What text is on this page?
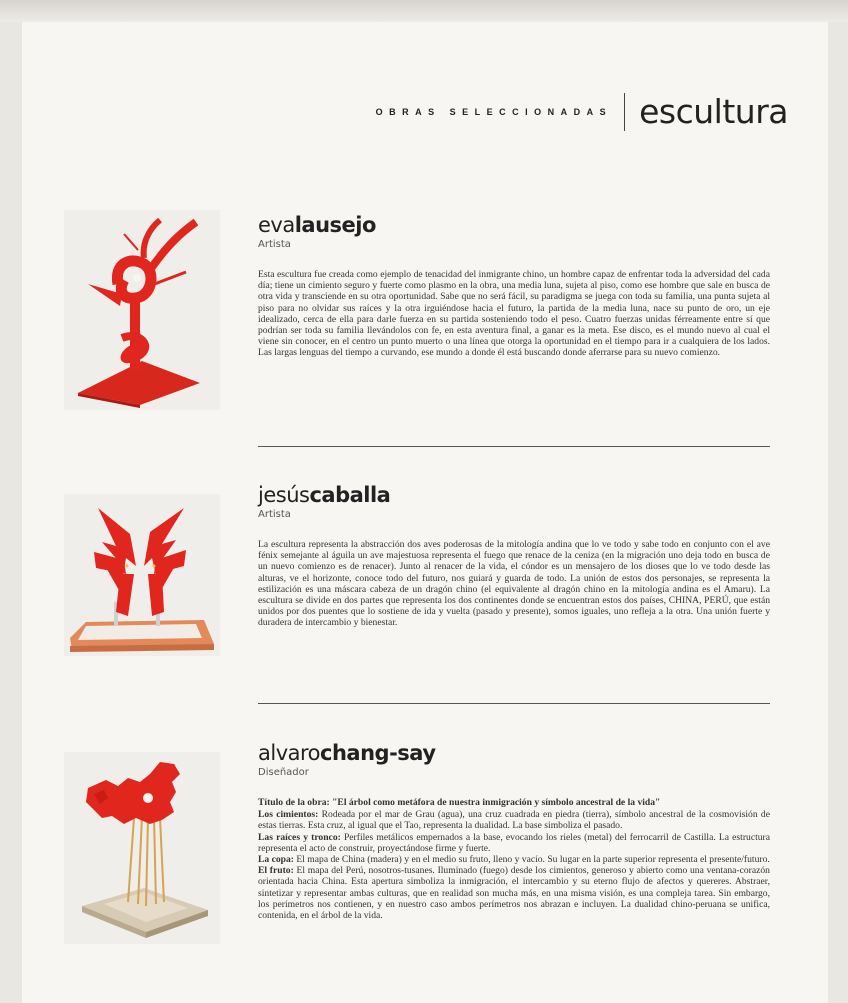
OBRAS SELECCIONADAS escultura
evalausejo
Artista

Esta escultura fue creada como ejemplo de tenacidad del inmigrante chino, un hombre capaz de enfrentar toda la adversidad del cada día; tiene un cimiento seguro y fuerte como plasmo en la obra, una media luna, sujeta al piso, como ese hombre que sale en busca de otra vida y transciende en su otra oportunidad. Sabe que no será fácil, su paradigma se juega con toda su familia, una punta sujeta al piso para no olvidar sus raíces y la otra irguiéndose hacia el futuro, la partida de la media luna, nace su punto de oro, un eje idealizado, cerca de ella para darle fuerza en su partida sosteniendo todo el peso. Cuatro fuerzas unidas férreamente entre sí que podrían ser toda su familia llevándolos con fe, en esta aventura final, a ganar es la meta. Ese disco, es el mundo nuevo al cual el viene sin conocer, en el centro un punto muerto o una línea que otorga la oportunidad en el tiempo para ir a cualquiera de los lados. Las largas lenguas del tiempo a curvando, ese mundo a donde él está buscando donde aferrarse para su nuevo comienzo.

jesúscaballa
Artista

La escultura representa la abstracción dos aves poderosas de la mitología andina que lo ve todo y sabe todo en conjunto con el ave fénix semejante al águila un ave majestuosa representa el fuego que renace de la ceniza (en la migración uno deja todo en busca de un nuevo comienzo es de renacer). Junto al renacer de la vida, el cóndor es un mensajero de los dioses que lo ve todo desde las alturas, ve el horizonte, conoce todo del futuro, nos guiará y guarda de todo. La unión de estos dos personajes, se representa la estilización es una máscara cabeza de un dragón chino (el equivalente al dragón chino en la mitología andina es el Amaru). La escultura se divide en dos partes que representa los dos continentes donde se encuentran estos dos países, CHINA, PERÚ, que están unidos por dos puentes que lo sostiene de ida y vuelta (pasado y presente), somos iguales, uno refleja a la otra. Una unión fuerte y duradera de intercambio y bienestar.

alvarochang-say
Diseñador

Título de la obra: "El árbol como metáfora de nuestra inmigración y símbolo ancestral de la vida"

Los cimientos: Rodeada por el mar de Grau (agua), una cruz cuadrada en piedra (tierra), símbolo ancestral de la cosmovisión de estas tierras. Esta cruz, al igual que el Tao, representa la dualidad. La base simboliza el pasado.

Las raíces y tronco: Perfiles metálicos empernados a la base, evocando los rieles (metal) del ferrocarril de Castilla. La estructura representa el acto de construir, proyectándose firme y fuerte.

La copa: El mapa de China (madera) y en el medio su fruto, lleno y vacío. Su lugar en la parte superior representa el presente/futuro.

El fruto: El mapa del Perú, nosotros-tusanes. Iluminado (fuego) desde los cimientos, generoso y abierto como una ventana-corazón orientada hacia China. Esta apertura simboliza la inmigración, el intercambio y su eterno flujo de afectos y quereres. Abstraer, sintetizar y representar ambas culturas, que en realidad son mucha más, en una misma visión, es una compleja tarea. Sin embargo, los perímetros nos contienen, y en nuestro caso ambos perímetros nos abrazan e incluyen. La dualidad chino-peruana se unifica, contenida, en el árbol de la vida.
